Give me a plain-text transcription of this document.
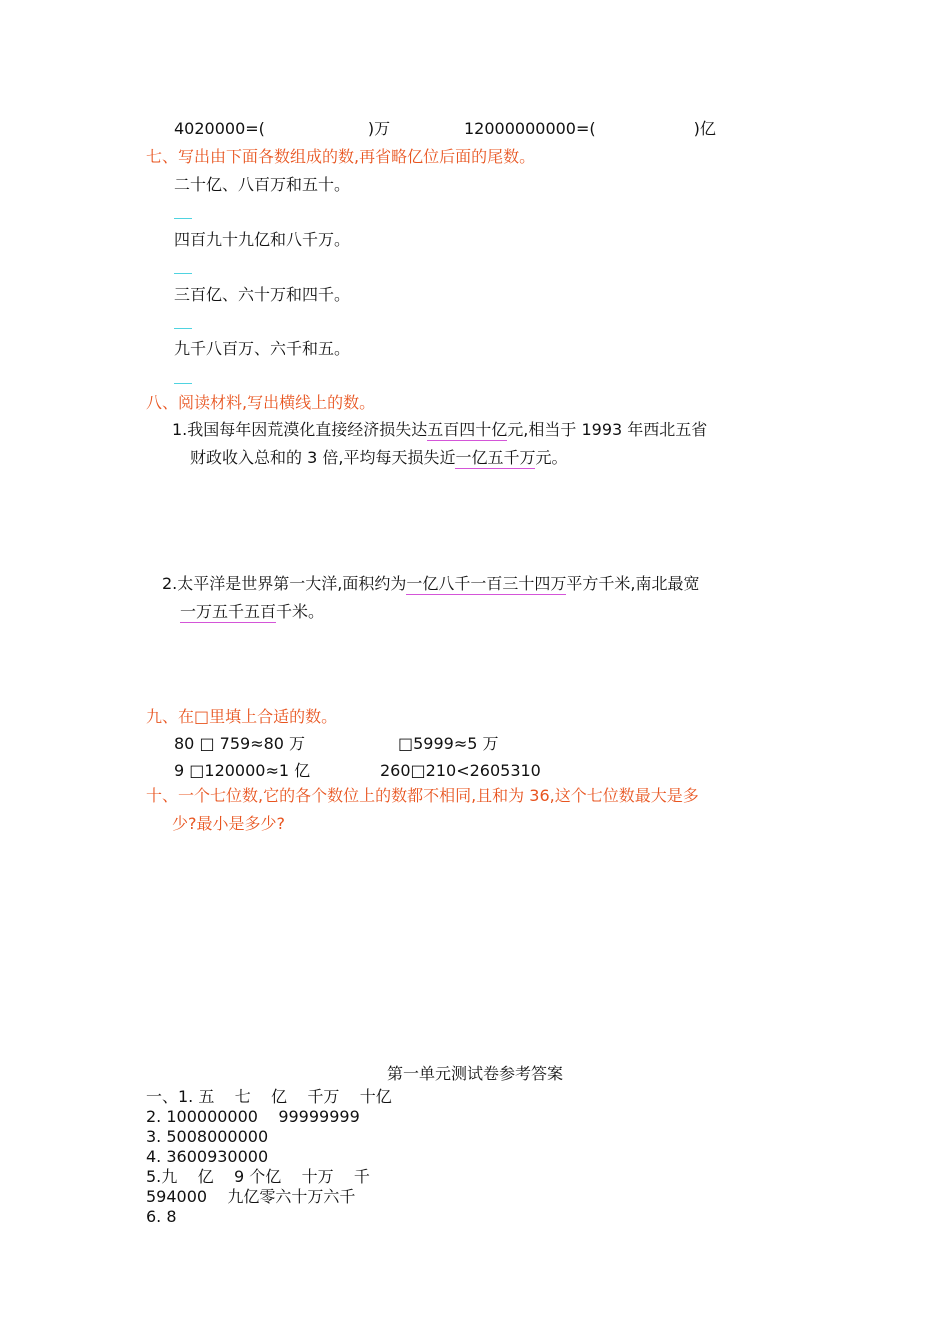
4020000=(	)万	12000000000=(	)亿
七、写出由下面各数组成的数,再省略亿位后面的尾数。
二十亿、八百万和五十。
四百九十九亿和八千万。
三百亿、六十万和四千。
九千八百万、六千和五。
八、阅读材料,写出横线上的数。
1.我国每年因荒漠化直接经济损失达五百四十亿元,相当于 1993 年西北五省
财政收入总和的 3 倍,平均每天损失近一亿五千万元。
2.太平洋是世界第一大洋,面积约为一亿八千一百三十四万平方千米,南北最宽
一万五千五百千米。
九、在□里填上合适的数。
80 □ 759≈80 万	□5999≈5 万
9 □120000≈1 亿	260□210<2605310
十、一个七位数,它的各个数位上的数都不相同,且和为 36,这个七位数最大是多
少?最小是多少?
第一单元测试卷参考答案
一、1. 五    七    亿    千万    十亿
2. 100000000    99999999
3. 5008000000
4. 3600930000
5.九    亿    9 个亿    十万    千
594000    九亿零六十万六千
6. 8
